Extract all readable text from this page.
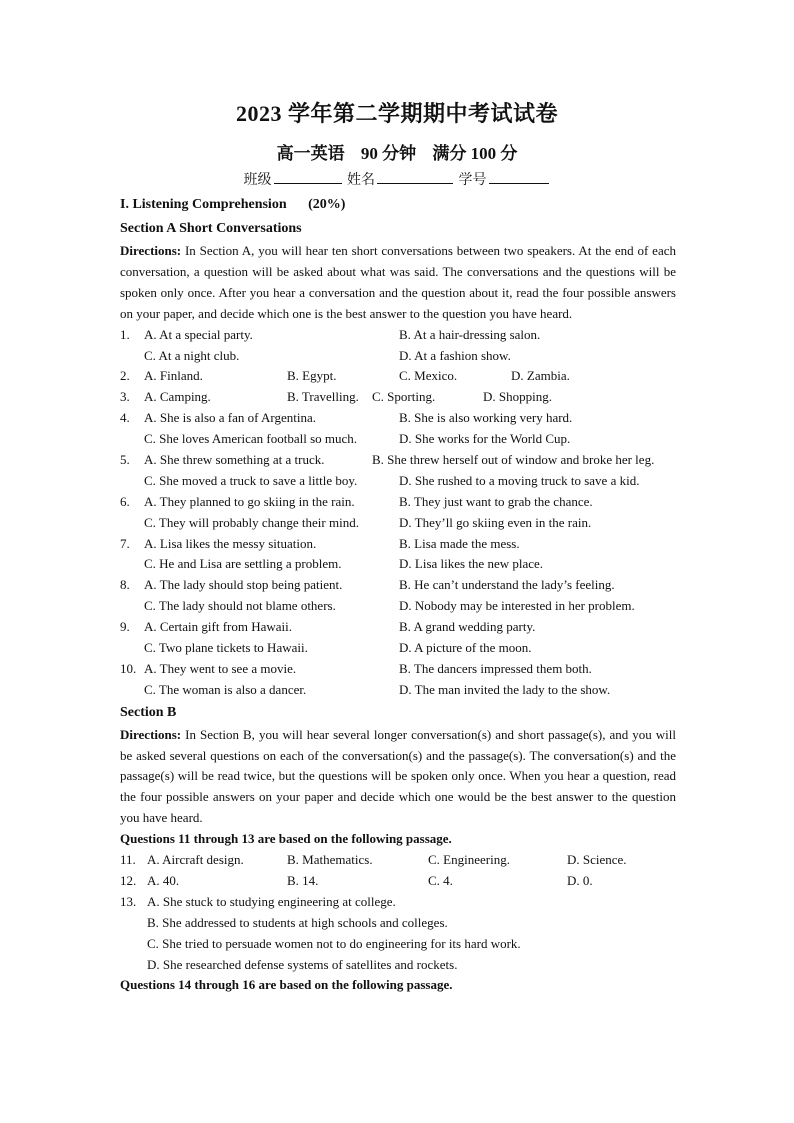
2023 学年第二学期期中考试试卷
高一英语 90 分钟 满分 100 分
班级	姓名	学号
I. Listening Comprehension (20%)
Section A Short Conversations
Directions: In Section A, you will hear ten short conversations between two speakers. At the end of each conversation, a question will be asked about what was said. The conversations and the questions will be spoken only once. After you hear a conversation and the question about it, read the four possible answers on your paper, and decide which one is the best answer to the question you have heard.
1. A. At a special party.	B. At a hair-dressing salon.
C. At a night club.	D. At a fashion show.
2. A. Finland.	B. Egypt.	C. Mexico.	D. Zambia.
3. A. Camping.	B. Travelling. C. Sporting.	D. Shopping.
4. A. She is also a fan of Argentina.	B. She is also working very hard.
C. She loves American football so much.	D. She works for the World Cup.
5. A. She threw something at a truck.	B. She threw herself out of window and broke her leg.
C. She moved a truck to save a little boy.	D. She rushed to a moving truck to save a kid.
6. A. They planned to go skiing in the rain.	B. They just want to grab the chance.
C. They will probably change their mind.	D. They’ll go skiing even in the rain.
7. A. Lisa likes the messy situation.	B. Lisa made the mess.
C. He and Lisa are settling a problem.	D. Lisa likes the new place.
8. A. The lady should stop being patient.	B. He can’t understand the lady’s feeling.
C. The lady should not blame others.	D. Nobody may be interested in her problem.
9. A. Certain gift from Hawaii.	B. A grand wedding party.
C. Two plane tickets to Hawaii.	D. A picture of the moon.
10. A. They went to see a movie.	B. The dancers impressed them both.
C. The woman is also a dancer.	D. The man invited the lady to the show.
Section B
Directions: In Section B, you will hear several longer conversation(s) and short passage(s), and you will be asked several questions on each of the conversation(s) and the passage(s). The conversation(s) and the passage(s) will be read twice, but the questions will be spoken only once. When you hear a question, read the four possible answers on your paper and decide which one would be the best answer to the question you have heard.
Questions 11 through 13 are based on the following passage.
11. A. Aircraft design.	B. Mathematics.	C. Engineering.	D. Science.
12. A. 40.	B. 14.	C. 4.	D. 0.
13. A. She stuck to studying engineering at college.
B. She addressed to students at high schools and colleges.
C. She tried to persuade women not to do engineering for its hard work.
D. She researched defense systems of satellites and rockets.
Questions 14 through 16 are based on the following passage.
